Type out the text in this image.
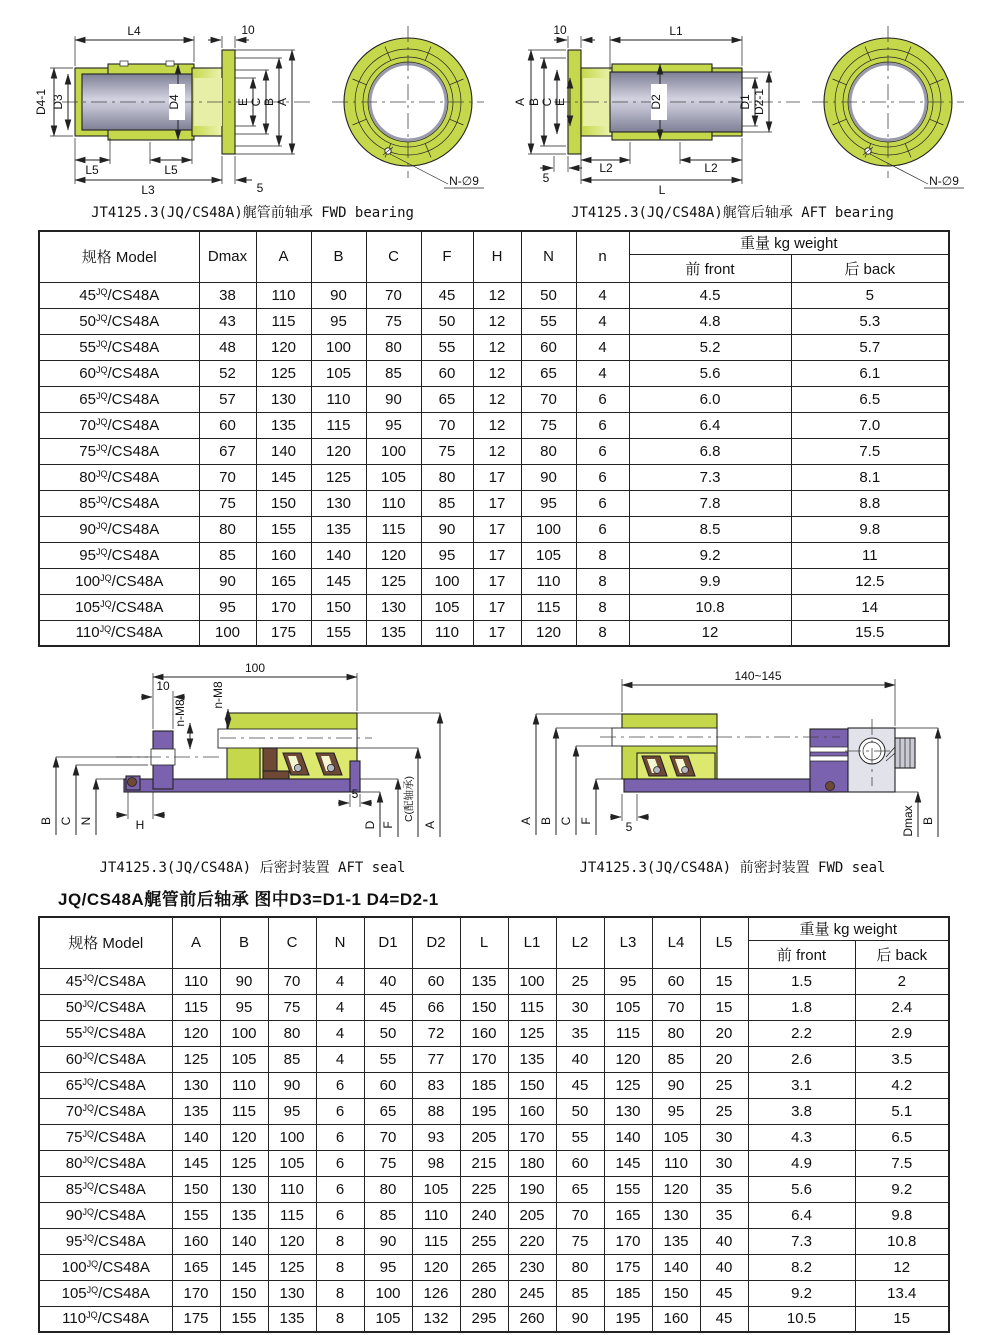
L4	10
D4-1 D3	D4	E C B A
L5	L5
L3	5	N-∅9
JT4125.3(JQ/CS48A)艉管前轴承 FWD bearing
10	L1
A B C E	D2	D1 D2-1
5
L2	L2
L
N-∅9
JT4125.3(JQ/CS48A)艉管后轴承 AFT bearing
规格 Model	Dmax	A	B	C	F	H	N	n	重量 kg weight	
									前 front	后 back
$45^{JQ}/CS48A$	38	110	90	70	45	12	50	4	4.5	5
$50^{JQ}/CS48A$	43	115	95	75	50	12	55	4	4.8	5.3
$55^{JQ}/CS48A$	48	120	100	80	55	12	60	4	5.2	5.7
$60^{JQ}/CS48A$	52	125	105	85	60	12	65	4	5.6	6.1
$65^{JQ}/CS48A$	57	130	110	90	65	12	70	6	6.0	6.5
$70^{JQ}/CS48A$	60	135	115	95	70	12	75	6	6.4	7.0
$75^{JQ}/CS48A$	67	140	120	100	75	12	80	6	6.8	7.5
$80^{JQ}/CS48A$	70	145	125	105	80	17	90	6	7.3	8.1
$85^{JQ}/CS48A$	75	150	130	110	85	17	95	6	7.8	8.8
$90^{JQ}/CS48A$	80	155	135	115	90	17	100	6	8.5	9.8
$95^{JQ}/CS48A$	85	160	140	120	95	17	105	8	9.2	11
$100^{JQ}/CS48A$	90	165	145	125	100	17	110	8	9.9	12.5
$105^{JQ}/CS48A$	95	170	150	130	105	17	115	8	10.8	14
$110^{JQ}/CS48A$	100	175	155	135	110	17	120	8	12	15.5
100
10
n-M8
n-M8
B C N	H
5
D F
C(配轴承)
A
JT4125.3(JQ/CS48A) 后密封装置 AFT seal
140~145
A B C F	5	Dmax B
JT4125.3(JQ/CS48A) 前密封装置 FWD seal
JQ/CS48A艉管前后轴承 图中D3=D1-1 D4=D2-1
规格 Model	A	B	C	N	D1	D2	L	L1	L2	L3	L4	L5	重量 kg weight	
													前 front	后 back
$45^{JQ}/CS48A$	110	90	70	4	40	60	135	100	25	95	60	15	1.5	2
$50^{JQ}/CS48A$	115	95	75	4	45	66	150	115	30	105	70	15	1.8	2.4
$55^{JQ}/CS48A$	120	100	80	4	50	72	160	125	35	115	80	20	2.2	2.9
$60^{JQ}/CS48A$	125	105	85	4	55	77	170	135	40	120	85	20	2.6	3.5
$65^{JQ}/CS48A$	130	110	90	6	60	83	185	150	45	125	90	25	3.1	4.2
$70^{JQ}/CS48A$	135	115	95	6	65	88	195	160	50	130	95	25	3.8	5.1
$75^{JQ}/CS48A$	140	120	100	6	70	93	205	170	55	140	105	30	4.3	6.5
$80^{JQ}/CS48A$	145	125	105	6	75	98	215	180	60	145	110	30	4.9	7.5
$85^{JQ}/CS48A$	150	130	110	6	80	105	225	190	65	155	120	35	5.6	9.2
$90^{JQ}/CS48A$	155	135	115	6	85	110	240	205	70	165	130	35	6.4	9.8
$95^{JQ}/CS48A$	160	140	120	8	90	115	255	220	75	170	135	40	7.3	10.8
$100^{JQ}/CS48A$	165	145	125	8	95	120	265	230	80	175	140	40	8.2	12
$105^{JQ}/CS48A$	170	150	130	8	100	126	280	245	85	185	150	45	9.2	13.4
$110^{JQ}/CS48A$	175	155	135	8	105	132	295	260	90	195	160	45	10.5	15
